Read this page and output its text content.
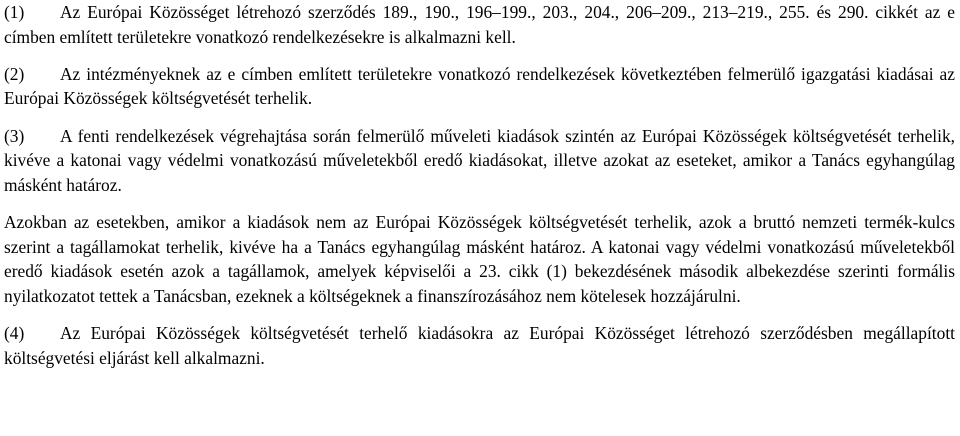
(1) Az Európai Közösséget létrehozó szerződés 189., 190., 196–199., 203., 204., 206–209., 213–219., 255. és 290. cikkét az e címben említett területekre vonatkozó rendelkezésekre is alkalmazni kell.

(2) Az intézményeknek az e címben említett területekre vonatkozó rendelkezések következtében felmerülő igazgatási kiadásai az Európai Közösségek költségvetését terhelik.

(3) A fenti rendelkezések végrehajtása során felmerülő műveleti kiadások szintén az Európai Közösségek költségvetését terhelik, kivéve a katonai vagy védelmi vonatkozású műveletekből eredő kiadásokat, illetve azokat az eseteket, amikor a Tanács egyhangúlag másként határoz.

Azokban az esetekben, amikor a kiadások nem az Európai Közösségek költségvetését terhelik, azok a bruttó nemzeti termék-kulcs szerint a tagállamokat terhelik, kivéve ha a Tanács egyhangúlag másként határoz. A katonai vagy védelmi vonatkozású műveletekből eredő kiadások esetén azok a tagállamok, amelyek képviselői a 23. cikk (1) bekezdésének második albekezdése szerinti formális nyilatkozatot tettek a Tanácsban, ezeknek a költségeknek a finanszírozásához nem kötelesek hozzájárulni.

(4) Az Európai Közösségek költségvetését terhelő kiadásokra az Európai Közösséget létrehozó szerződésben megállapított költségvetési eljárást kell alkalmazni.
